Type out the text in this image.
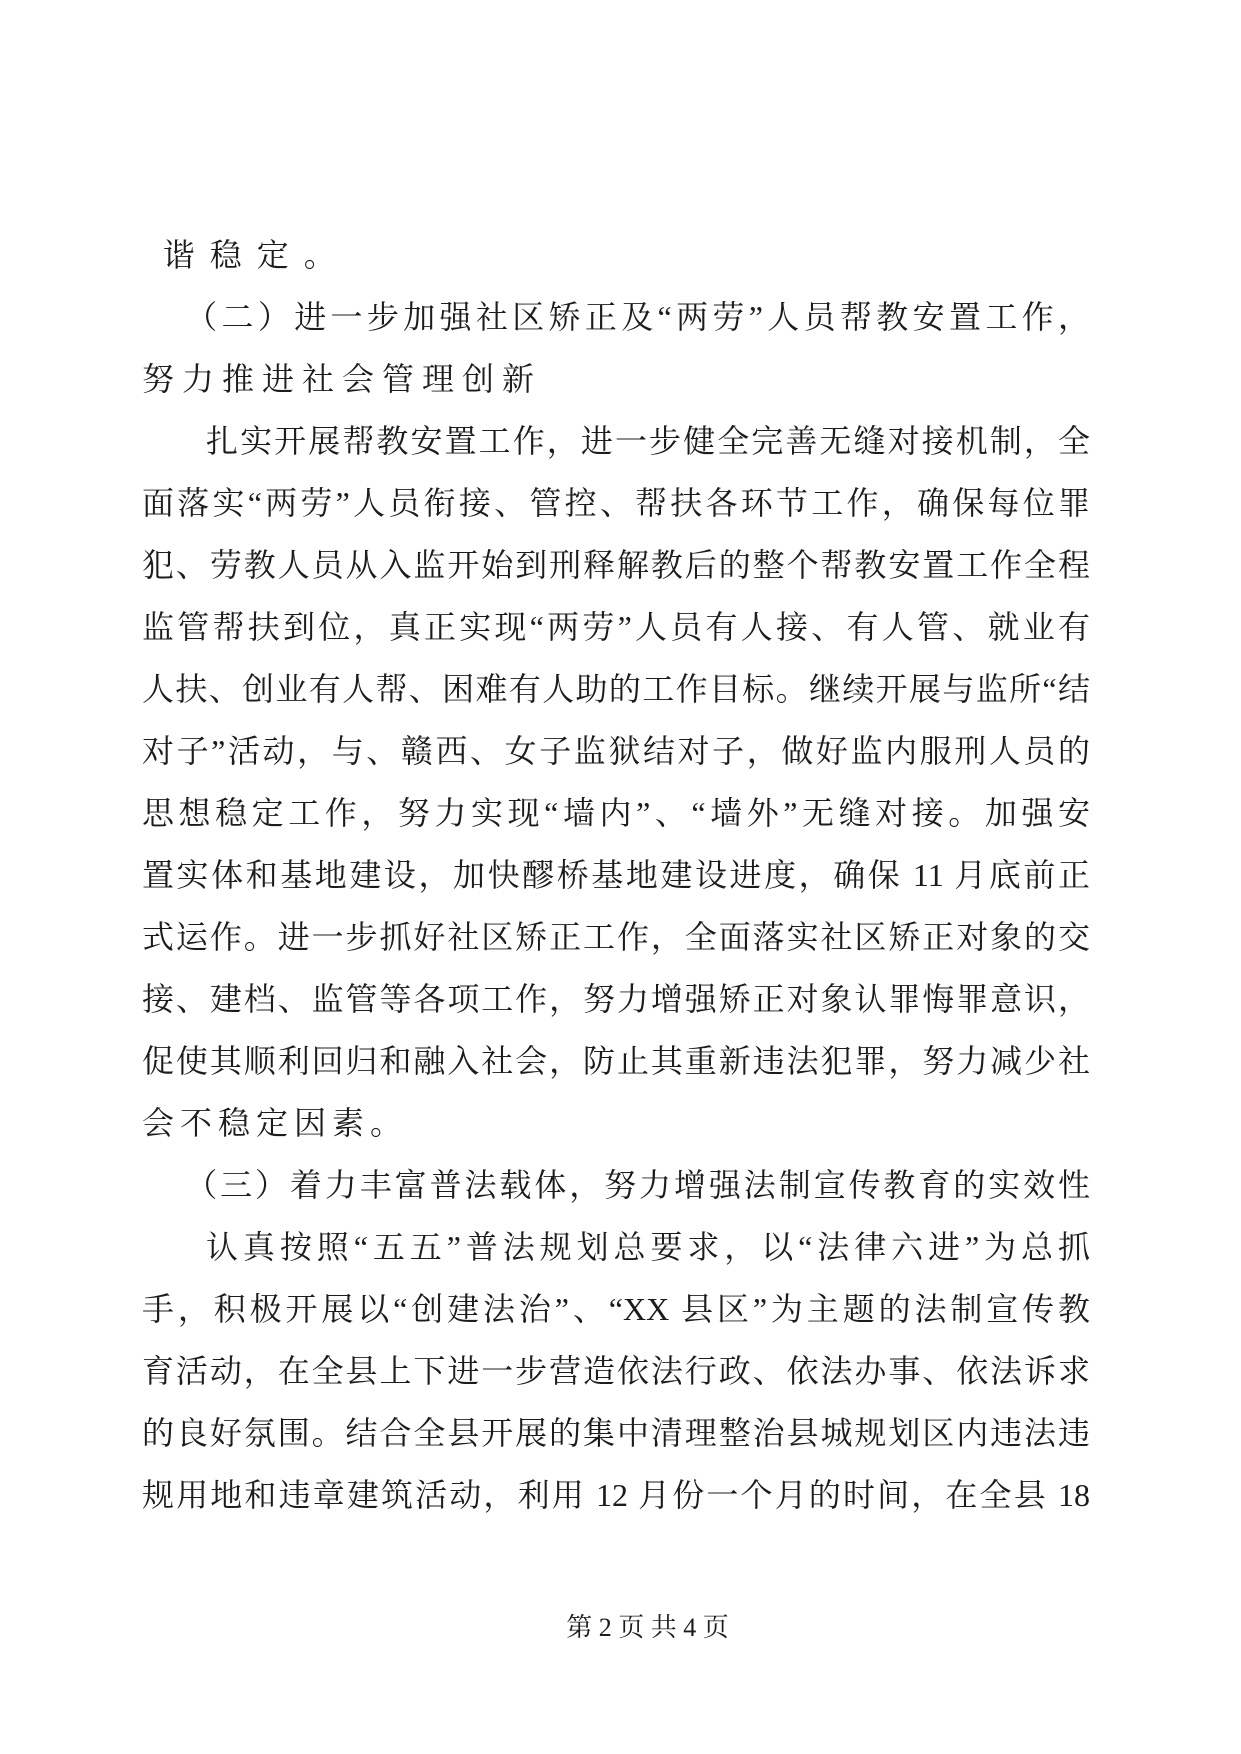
谐稳定。
（二）进一步加强社区矫正及“两劳”人员帮教安置工作，
努力推进社会管理创新
扎实开展帮教安置工作，进一步健全完善无缝对接机制，全
面落实“两劳”人员衔接、管控、帮扶各环节工作，确保每位罪
犯、劳教人员从入监开始到刑释解教后的整个帮教安置工作全程
监管帮扶到位，真正实现“两劳”人员有人接、有人管、就业有
人扶、创业有人帮、困难有人助的工作目标。继续开展与监所“结
对子”活动，与、赣西、女子监狱结对子，做好监内服刑人员的
思想稳定工作，努力实现“墙内”、“墙外”无缝对接。加强安
置实体和基地建设，加快醪桥基地建设进度，确保 11 月底前正
式运作。进一步抓好社区矫正工作，全面落实社区矫正对象的交
接、建档、监管等各项工作，努力增强矫正对象认罪悔罪意识，
促使其顺利回归和融入社会，防止其重新违法犯罪，努力减少社
会不稳定因素。
（三）着力丰富普法载体，努力增强法制宣传教育的实效性
认真按照“五五”普法规划总要求，以“法律六进”为总抓
手，积极开展以“创建法治”、“XX 县区”为主题的法制宣传教
育活动，在全县上下进一步营造依法行政、依法办事、依法诉求
的良好氛围。结合全县开展的集中清理整治县城规划区内违法违
规用地和违章建筑活动，利用 12 月份一个月的时间，在全县 18
第 2 页 共 4 页
